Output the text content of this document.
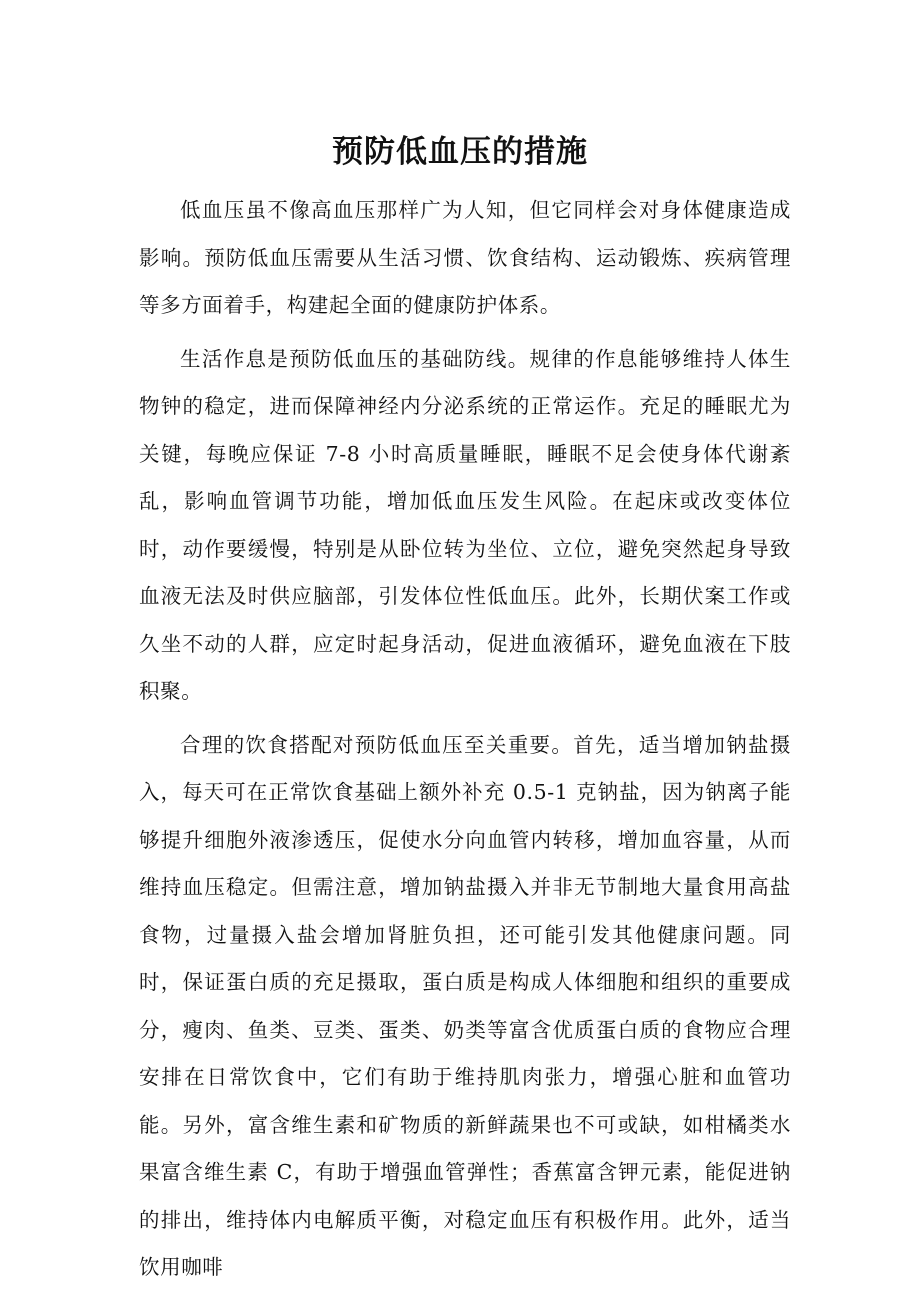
预防低血压的措施

低血压虽不像高血压那样广为人知，但它同样会对身体健康造成影响。预防低血压需要从生活习惯、饮食结构、运动锻炼、疾病管理等多方面着手，构建起全面的健康防护体系。

生活作息是预防低血压的基础防线。规律的作息能够维持人体生物钟的稳定，进而保障神经内分泌系统的正常运作。充足的睡眠尤为关键，每晚应保证 7-8 小时高质量睡眠，睡眠不足会使身体代谢紊乱，影响血管调节功能，增加低血压发生风险。在起床或改变体位时，动作要缓慢，特别是从卧位转为坐位、立位，避免突然起身导致血液无法及时供应脑部，引发体位性低血压。此外，长期伏案工作或久坐不动的人群，应定时起身活动，促进血液循环，避免血液在下肢积聚。

合理的饮食搭配对预防低血压至关重要。首先，适当增加钠盐摄入，每天可在正常饮食基础上额外补充 0.5-1 克钠盐，因为钠离子能够提升细胞外液渗透压，促使水分向血管内转移，增加血容量，从而维持血压稳定。但需注意，增加钠盐摄入并非无节制地大量食用高盐食物，过量摄入盐会增加肾脏负担，还可能引发其他健康问题。同时，保证蛋白质的充足摄取，蛋白质是构成人体细胞和组织的重要成分，瘦肉、鱼类、豆类、蛋类、奶类等富含优质蛋白质的食物应合理安排在日常饮食中，它们有助于维持肌肉张力，增强心脏和血管功能。另外，富含维生素和矿物质的新鲜蔬果也不可或缺，如柑橘类水果富含维生素 C，有助于增强血管弹性；香蕉富含钾元素，能促进钠的排出，维持体内电解质平衡，对稳定血压有积极作用。此外，适当饮用咖啡
